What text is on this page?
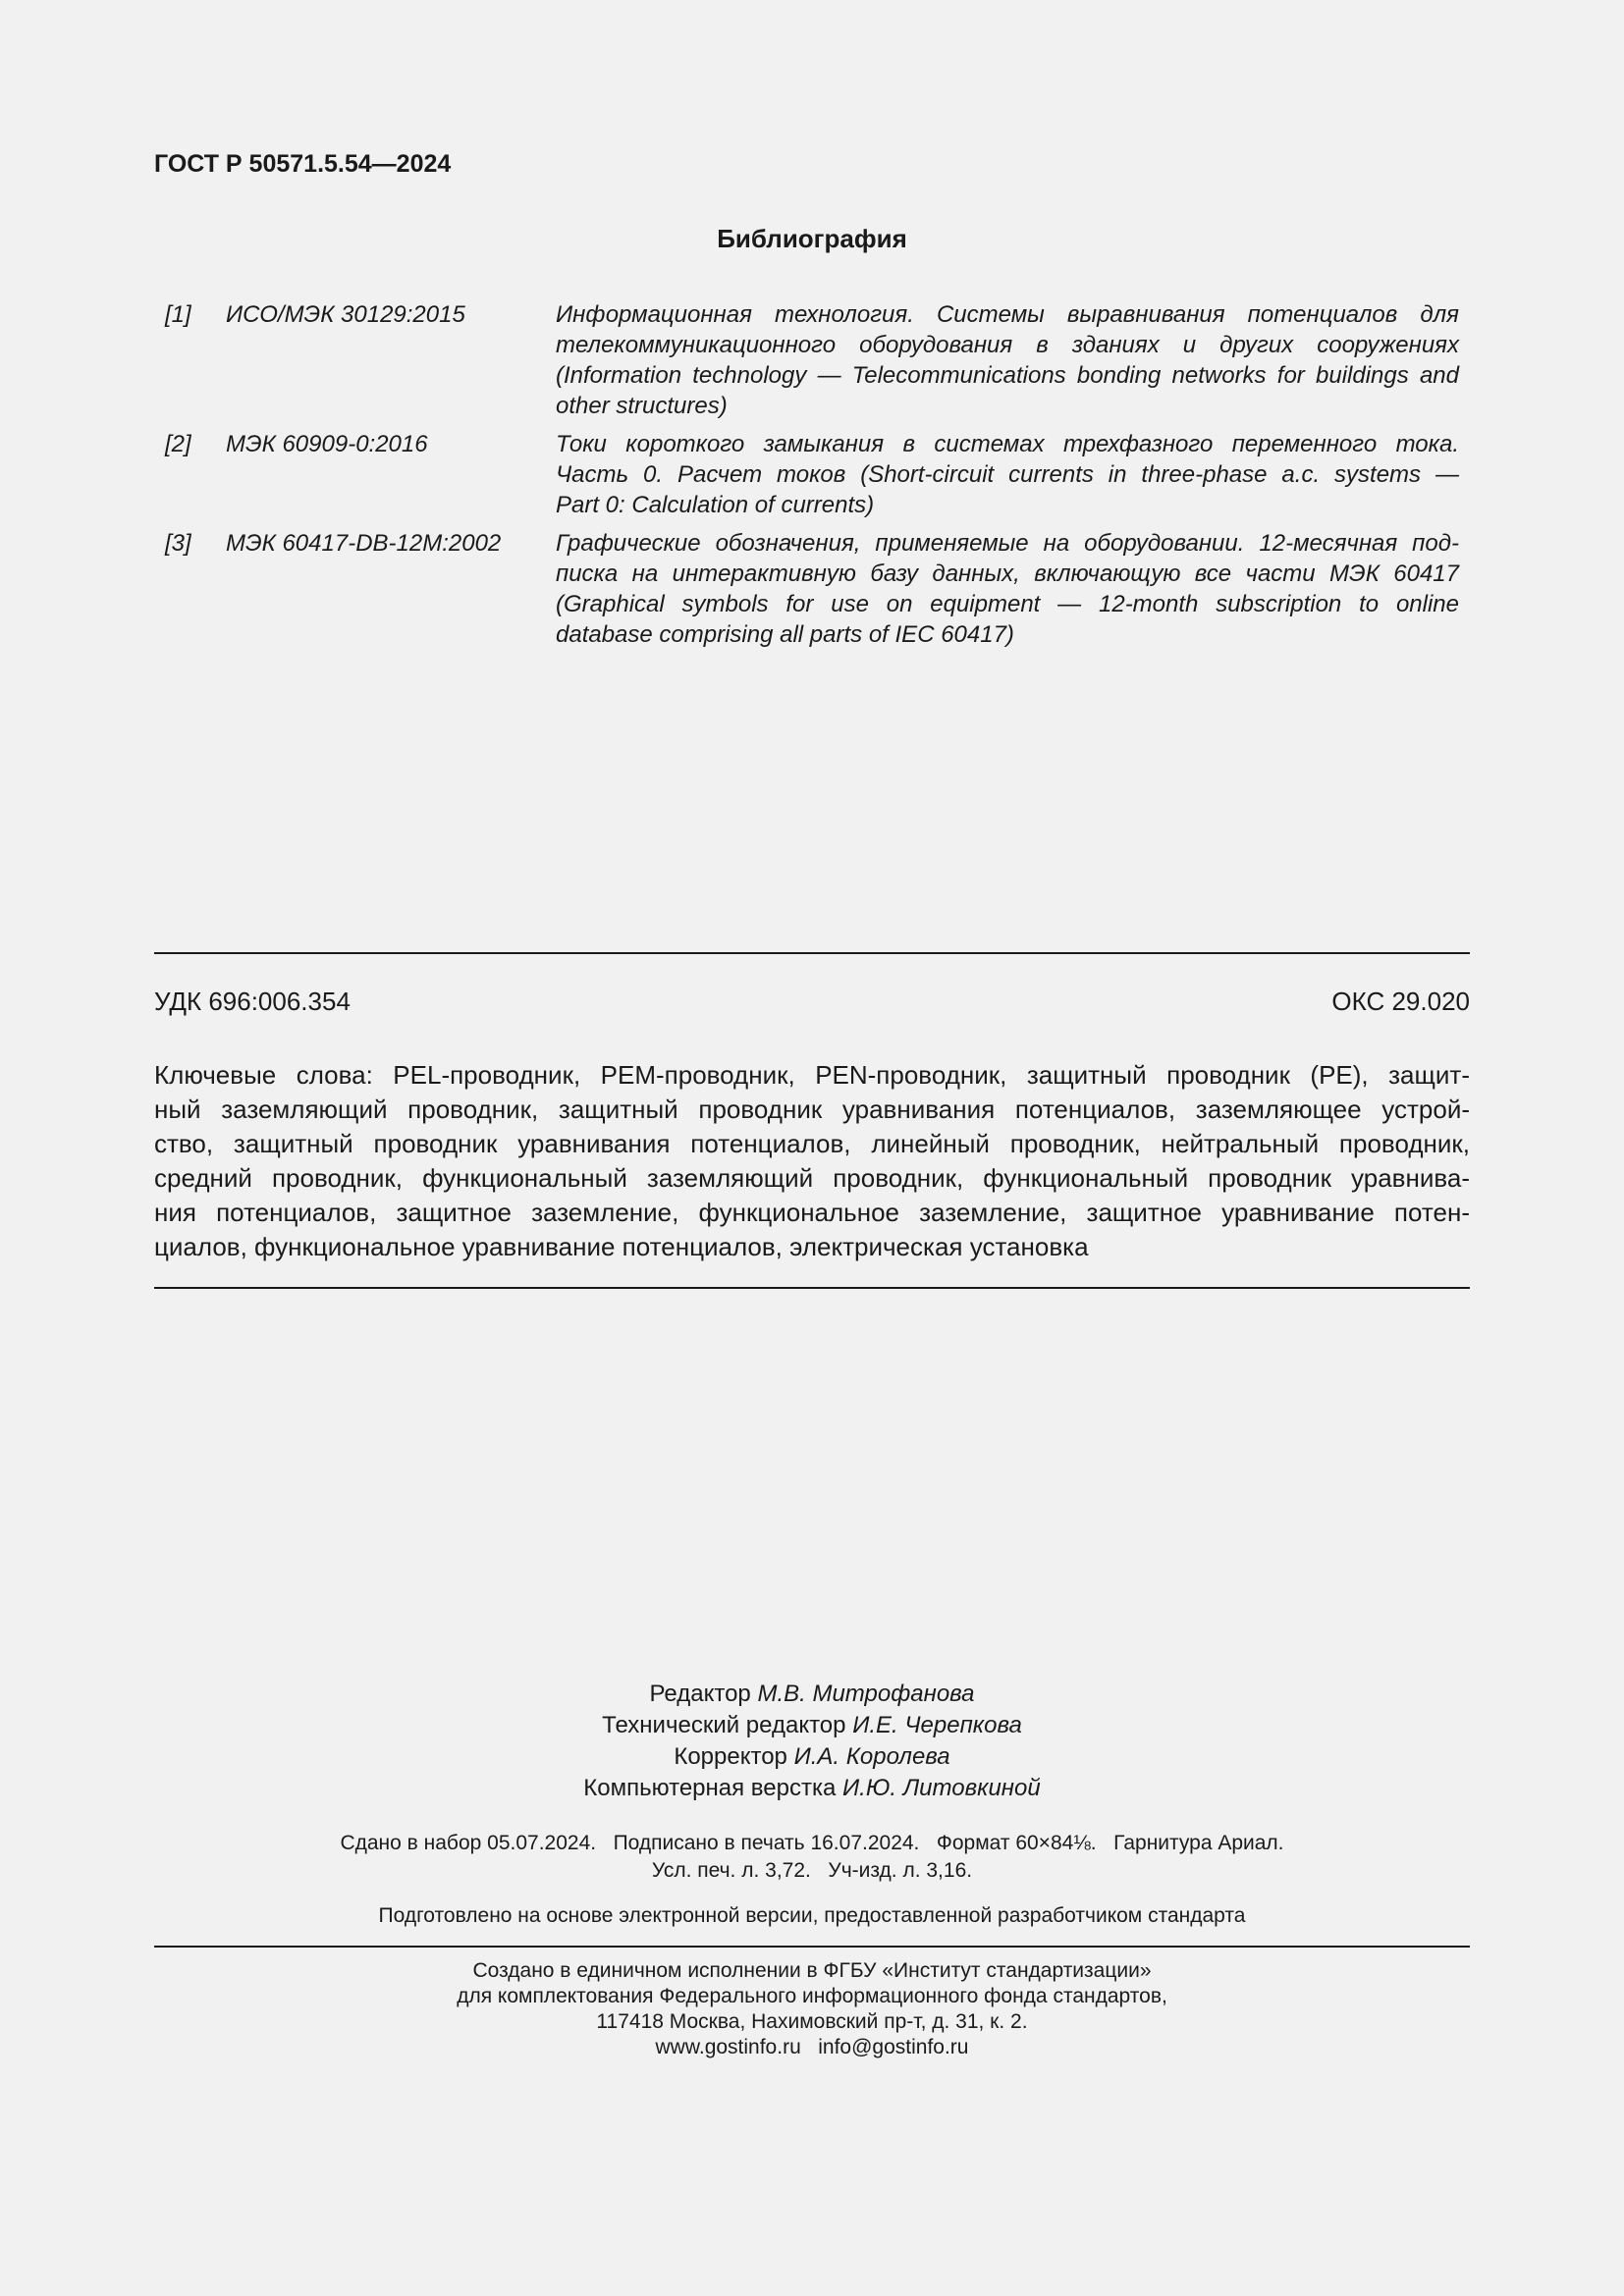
ГОСТ Р 50571.5.54—2024
Библиография
[1] ИСО/МЭК 30129:2015	Информационная технология. Системы выравнивания потенциалов для
телекоммуникационного оборудования в зданиях и других сооружениях
(Information technology — Telecommunications bonding networks for buildings and
other structures)
[2] МЭК 60909-0:2016	Токи короткого замыкания в системах трехфазного переменного тока.
Часть 0. Расчет токов (Short-circuit currents in three-phase a.c. systems —
Part 0: Calculation of currents)
[3] МЭК 60417-DB-12M:2002 Графические обозначения, применяемые на оборудовании. 12-месячная под-
писка на интерактивную базу данных, включающую все части МЭК 60417
(Graphical symbols for use on equipment — 12-month subscription to online
database comprising all parts of IEC 60417)
УДК 696:006.354	ОКС 29.020
Ключевые слова: PEL-проводник, PEM-проводник, PEN-проводник, защитный проводник (PE), защит-
ный заземляющий проводник, защитный проводник уравнивания потенциалов, заземляющее устрой-
ство, защитный проводник уравнивания потенциалов, линейный проводник, нейтральный проводник,
средний проводник, функциональный заземляющий проводник, функциональный проводник уравнива-
ния потенциалов, защитное заземление, функциональное заземление, защитное уравнивание потен-
циалов, функциональное уравнивание потенциалов, электрическая установка
Редактор М.В. Митрофанова
Технический редактор И.Е. Черепкова
Корректор И.А. Королева
Компьютерная верстка И.Ю. Литовкиной
Сдано в набор 05.07.2024.   Подписано в печать 16.07.2024.   Формат 60×84⅛.   Гарнитура Ариал.
Усл. печ. л. 3,72.   Уч-изд. л. 3,16.
Подготовлено на основе электронной версии, предоставленной разработчиком стандарта
Создано в единичном исполнении в ФГБУ «Институт стандартизации»
для комплектования Федерального информационного фонда стандартов,
117418 Москва, Нахимовский пр-т, д. 31, к. 2.
www.gostinfo.ru   info@gostinfo.ru
